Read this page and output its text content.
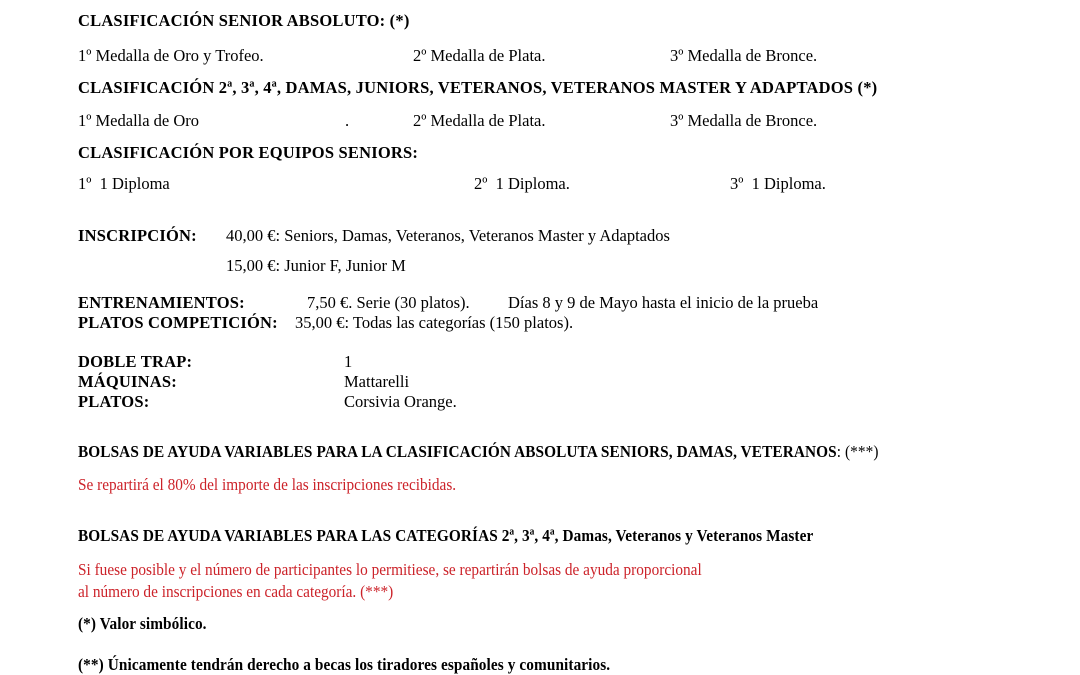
CLASIFICACIÓN SENIOR ABSOLUTO: (*)
1º Medalla de Oro y Trofeo.	2º Medalla de Plata.	3º Medalla de Bronce.
CLASIFICACIÓN 2ª, 3ª, 4ª, DAMAS, JUNIORS, VETERANOS, VETERANOS MASTER Y ADAPTADOS (*)
1º Medalla de Oro	.	2º Medalla de Plata.	3º Medalla de Bronce.
CLASIFICACIÓN POR EQUIPOS SENIORS:
1º 1 Diploma	2º 1 Diploma.	3º 1 Diploma.
INSCRIPCIÓN: 40,00 €: Seniors, Damas, Veteranos, Veteranos Master y Adaptados
15,00 €: Junior F, Junior M
ENTRENAMIENTOS:	7,50 €. Serie (30 platos). Días 8 y 9 de Mayo hasta el inicio de la prueba
PLATOS COMPETICIÓN: 35,00 €: Todas las categorías (150 platos).
DOBLE TRAP:	1
MÁQUINAS:	Mattarelli
PLATOS:	Corsivia Orange.
BOLSAS DE AYUDA VARIABLES PARA LA CLASIFICACIÓN ABSOLUTA SENIORS, DAMAS, VETERANOS: (***)
Se repartirá el 80% del importe de las inscripciones recibidas.
BOLSAS DE AYUDA VARIABLES PARA LAS CATEGORÍAS 2ª, 3ª, 4ª, Damas, Veteranos y Veteranos Master
Si fuese posible y el número de participantes lo permitiese, se repartirán bolsas de ayuda proporcional
al número de inscripciones en cada categoría. (***)
(*) Valor simbólico.
(**) Únicamente tendrán derecho a becas los tiradores españoles y comunitarios.
